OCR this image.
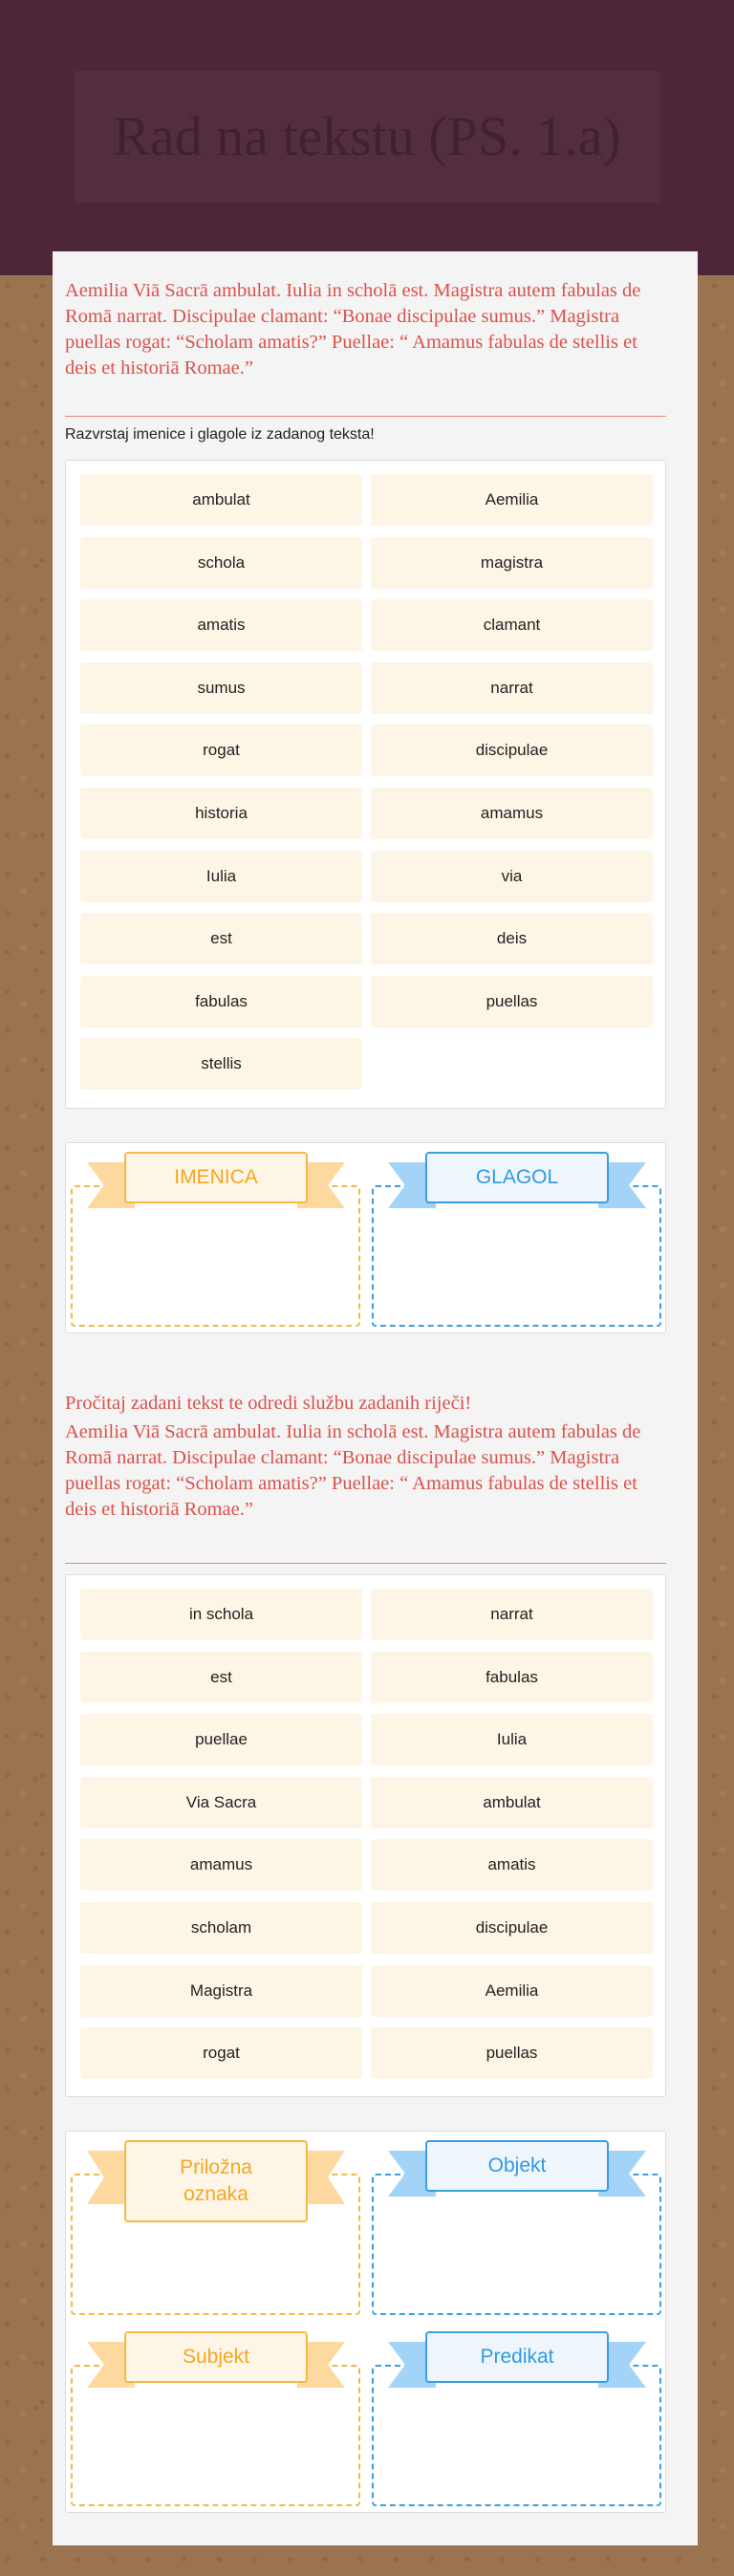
Rad na tekstu (PS. 1.a)
Aemilia Viā Sacrā ambulat. Iulia in scholā est. Magistra autem fabulas de Romā narrat. Discipulae clamant: “Bonae discipulae sumus.” Magistra puellas rogat: “Scholam amatis?” Puellae: “ Amamus fabulas de stellis et deis et historiā Romae.”
Razvrstaj imenice i glagole iz zadanog teksta!
ambulat	Aemilia
schola	magistra
amatis	clamant
sumus	narrat
rogat	discipulae
historia	amamus
Iulia	via
est	deis
fabulas	puellas
stellis
IMENICA	GLAGOL
Pročitaj zadani tekst te odredi službu zadanih riječi!
Aemilia Viā Sacrā ambulat. Iulia in scholā est. Magistra autem fabulas de Romā narrat. Discipulae clamant: “Bonae discipulae sumus.” Magistra puellas rogat: “Scholam amatis?” Puellae: “ Amamus fabulas de stellis et deis et historiā Romae.”
in schola	narrat
est	fabulas
puellae	Iulia
Via Sacra	ambulat
amamus	amatis
scholam	discipulae
Magistra	Aemilia
rogat	puellas
Priložna oznaka
Objekt
Subjekt	Predikat
